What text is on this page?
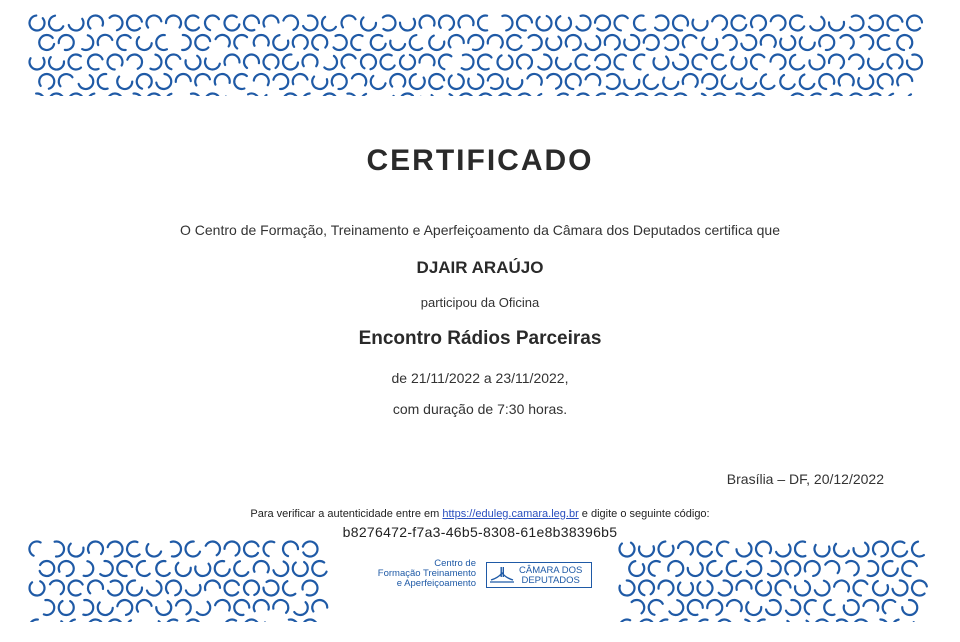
CERTIFICADO
O Centro de Formação, Treinamento e Aperfeiçoamento da Câmara dos Deputados certifica que
DJAIR ARAÚJO
participou da Oficina
Encontro Rádios Parceiras
de 21/11/2022 a 23/11/2022,
com duração de 7:30 horas.
Brasília – DF, 20/12/2022
Para verificar a autenticidade entre em https://eduleg.camara.leg.br e digite o seguinte código:
b8276472-f7a3-46b5-8308-61e8b38396b5
Centro de
Formação Treinamento
e Aperfeiçoamento
CÂMARA DOS
DEPUTADOS
